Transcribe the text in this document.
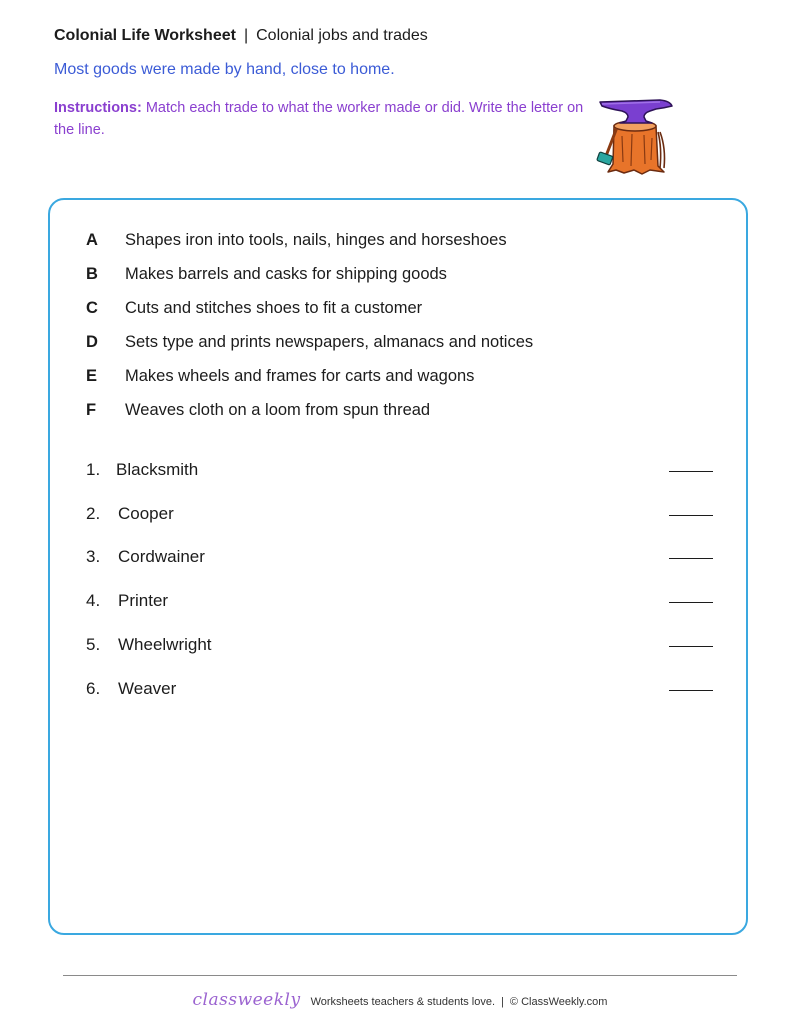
Colonial Life Worksheet | Colonial jobs and trades
Most goods were made by hand, close to home.
Instructions: Match each trade to what the worker made or did. Write the letter on the line.
A Shapes iron into tools, nails, hinges and horseshoes
B Makes barrels and casks for shipping goods
C Cuts and stitches shoes to fit a customer
D Sets type and prints newspapers, almanacs and notices
E Makes wheels and frames for carts and wagons
F Weaves cloth on a loom from spun thread
1. Blacksmith
2. Cooper
3. Cordwainer
4. Printer
5. Wheelwright
6. Weaver
classweekly Worksheets teachers & students love. | © ClassWeekly.com
